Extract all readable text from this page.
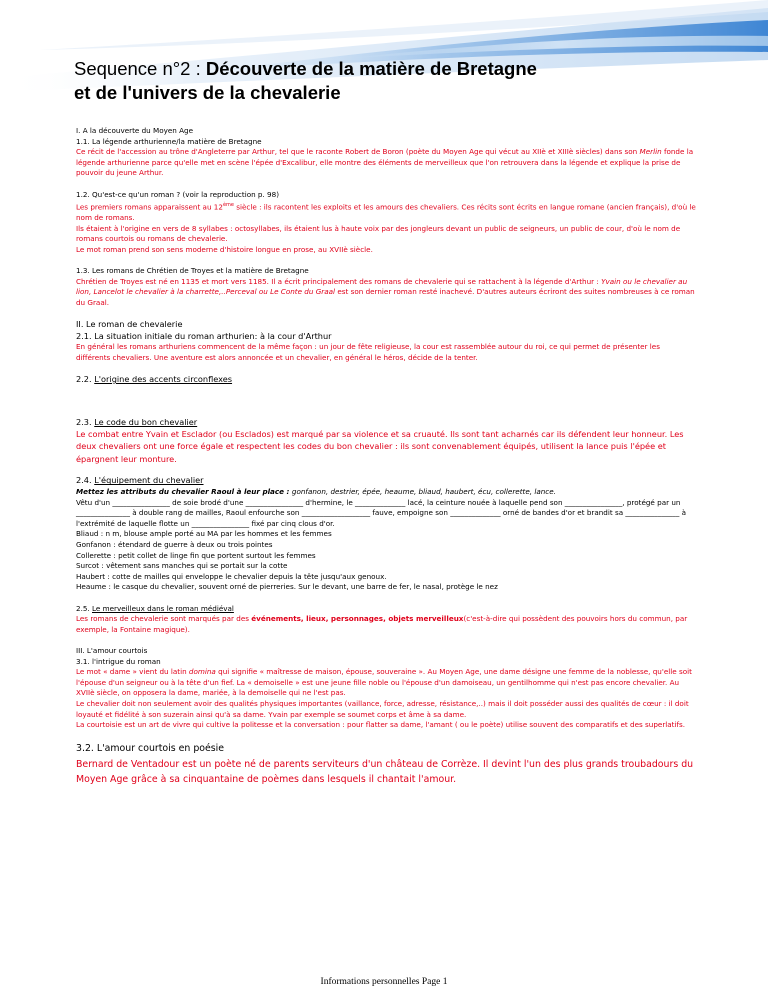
Sequence n°2 : Découverte de la matière de Bretagne et de l'univers de la chevalerie

I. A la découverte du Moyen Age

1.1. La légende arthurienne/la matière de Bretagne

Ce récit de l'accession au trône d'Angleterre par Arthur, tel que le raconte Robert de Boron (poète du Moyen Age qui vécut au XIIè et XIIIè siècles) dans son Merlin fonde la légende arthurienne parce qu'elle met en scène l'épée d'Excalibur, elle montre des éléments de merveilleux que l'on retrouvera dans la légende et explique la prise de pouvoir du jeune Arthur.

1.2. Qu'est-ce qu'un roman ? (voir la reproduction p. 98)

Les premiers romans apparaissent au 12ème siècle : ils racontent les exploits et les amours des chevaliers. Ces récits sont écrits en langue romane (ancien français), d'où le nom de romans.

Ils étaient à l'origine en vers de 8 syllabes : octosyllabes, ils étaient lus à haute voix par des jongleurs devant un public de seigneurs, un public de cour, d'où le nom de romans courtois ou romans de chevalerie.

Le mot roman prend son sens moderne d'histoire longue en prose, au XVIIè siècle.

1.3. Les romans de Chrétien de Troyes et la matière de Bretagne

Chrétien de Troyes est né en 1135 et mort vers 1185. Il a écrit principalement des romans de chevalerie qui se rattachent à la légende d'Arthur : Yvain ou le chevalier au lion, Lancelot le chevalier à la charrette,..Perceval ou Le Conte du Graal est son dernier roman resté inachevé. D'autres auteurs écriront des suites nombreuses à ce roman du Graal.

II. Le roman de chevalerie

2.1. La situation initiale du roman arthurien: à la cour d'Arthur

En général les romans arthuriens commencent de la même façon : un jour de fête religieuse, la cour est rassemblée autour du roi, ce qui permet de présenter les différents chevaliers. Une aventure est alors annoncée et un chevalier, en général le héros, décide de la tenter.

2.2. L'origine des accents circonflexes

2.3. Le code du bon chevalier

Le combat entre Yvain et Esclador (ou Esclados) est marqué par sa violence et sa cruauté. Ils sont tant acharnés car ils défendent leur honneur. Les deux chevaliers ont une force égale et respectent les codes du bon chevalier : ils sont convenablement équipés, utilisent la lance puis l'épée et épargnent leur monture.

2.4. L'équipement du chevalier

Mettez les attributs du chevalier Raoul à leur place : gonfanon, destrier, épée, heaume, bliaud, haubert, écu, collerette, lance.

Vêtu d'un ________________ de soie brodé d'une ________________ d'hermine, le ______________ lacé, la ceinture nouée à laquelle pend son ________________, protégé par un _______________ à double rang de mailles, Raoul enfourche son ___________________ fauve, empoigne son ______________ orné de bandes d'or et brandit sa _______________ à l'extrémité de laquelle flotte un ________________ fixé par cinq clous d'or.

Bliaud : n m, blouse ample porté au MA par les hommes et les femmes

Gonfanon : étendard de guerre à deux ou trois pointes

Collerette : petit collet de linge fin que portent surtout les femmes

Surcot : vêtement sans manches qui se portait sur la cotte

Haubert : cotte de mailles qui enveloppe le chevalier depuis la tête jusqu'aux genoux.

Heaume : le casque du chevalier, souvent orné de pierreries. Sur le devant, une barre de fer, le nasal, protège le nez

2.5. Le merveilleux dans le roman médiéval

Les romans de chevalerie sont marqués par des événements, lieux, personnages, objets merveilleux(c'est-à-dire qui possèdent des pouvoirs hors du commun, par exemple, la Fontaine magique).

III. L'amour courtois

3.1. l'intrigue du roman

Le mot « dame » vient du latin domina qui signifie « maîtresse de maison, épouse, souveraine ». Au Moyen Age, une dame désigne une femme de la noblesse, qu'elle soit l'épouse d'un seigneur ou à la tête d'un fief. La « demoiselle » est une jeune fille noble ou l'épouse d'un damoiseau, un gentilhomme qui n'est pas encore chevalier. Au XVIIè siècle, on opposera la dame, mariée, à la demoiselle qui ne l'est pas.

Le chevalier doit non seulement avoir des qualités physiques importantes (vaillance, force, adresse, résistance,..) mais il doit posséder aussi des qualités de cœur : il doit loyauté et fidélité à son suzerain ainsi qu'à sa dame. Yvain par exemple se soumet corps et âme à sa dame.

La courtoisie est un art de vivre qui cultive la politesse et la conversation : pour flatter sa dame, l'amant ( ou le poète) utilise souvent des comparatifs et des superlatifs.

3.2. L'amour courtois en poésie

Bernard de Ventadour est un poète né de parents serviteurs d'un château de Corrèze. Il devint l'un des plus grands troubadours du Moyen Age grâce à sa cinquantaine de poèmes dans lesquels il chantait l'amour.

Informations personnelles Page 1
